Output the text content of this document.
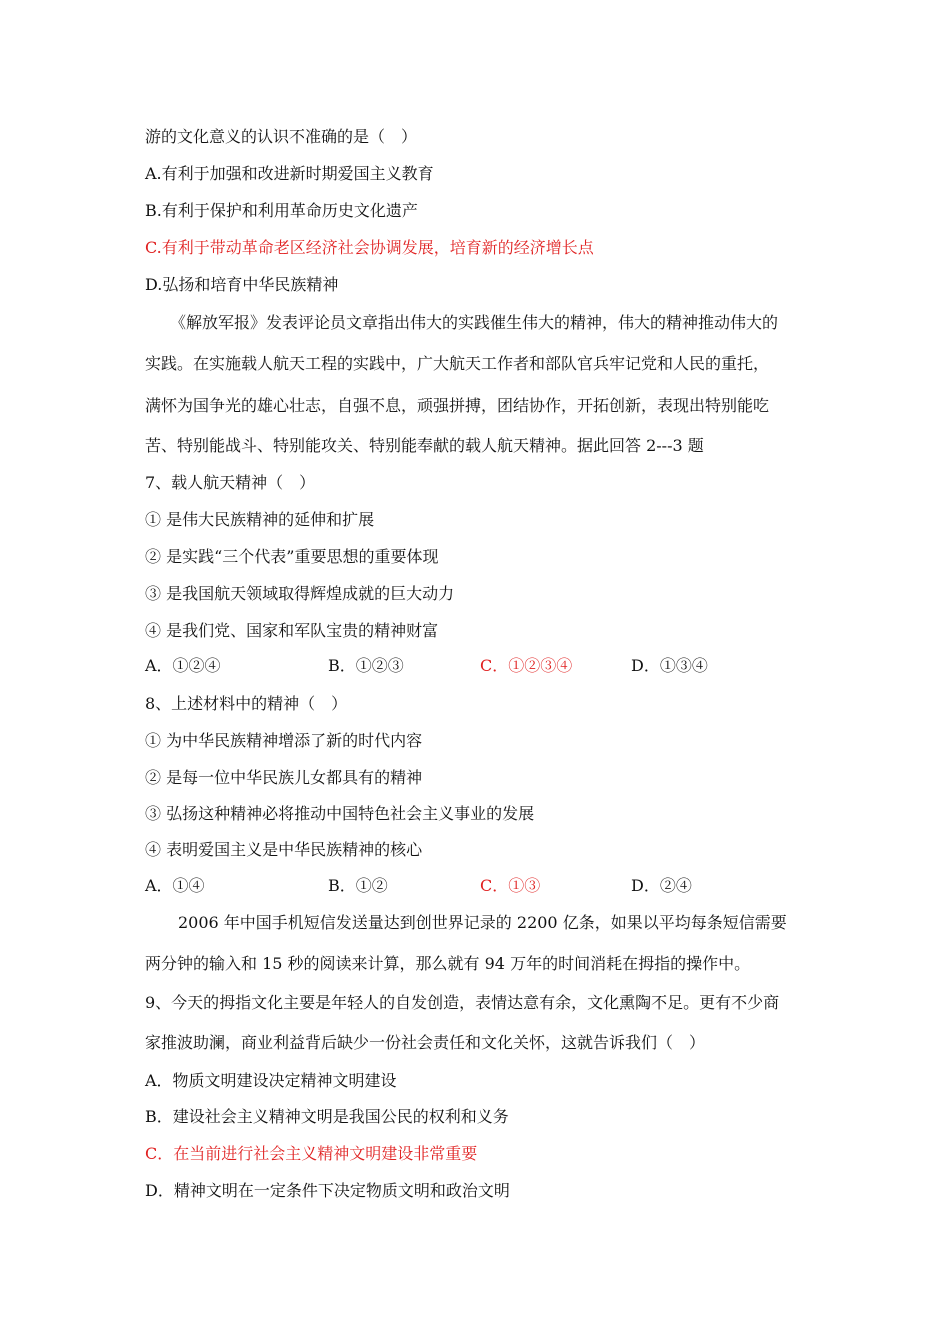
游的文化意义的认识不准确的是（　）
A.有利于加强和改进新时期爱国主义教育
B.有利于保护和利用革命历史文化遗产
C.有利于带动革命老区经济社会协调发展，培育新的经济增长点
D.弘扬和培育中华民族精神
《解放军报》发表评论员文章指出伟大的实践催生伟大的精神，伟大的精神推动伟大的
实践。在实施载人航天工程的实践中，广大航天工作者和部队官兵牢记党和人民的重托，
满怀为国争光的雄心壮志，自强不息，顽强拼搏，团结协作，开拓创新，表现出特别能吃
苦、特别能战斗、特别能攻关、特别能奉献的载人航天精神。据此回答 2---3 题
7、载人航天精神（　）
① 是伟大民族精神的延伸和扩展
② 是实践“三个代表”重要思想的重要体现
③ 是我国航天领域取得辉煌成就的巨大动力
④ 是我们党、国家和军队宝贵的精神财富
A．①②④	B．①②③	C．①②③④	D．①③④
8、上述材料中的精神（　）
① 为中华民族精神增添了新的时代内容
② 是每一位中华民族儿女都具有的精神
③ 弘扬这种精神必将推动中国特色社会主义事业的发展
④ 表明爱国主义是中华民族精神的核心
A．①④	B．①②	C．①③	D．②④
2006 年中国手机短信发送量达到创世界记录的 2200 亿条，如果以平均每条短信需要
两分钟的输入和 15 秒的阅读来计算，那么就有 94 万年的时间消耗在拇指的操作中。
9、今天的拇指文化主要是年轻人的自发创造，表情达意有余，文化熏陶不足。更有不少商
家推波助澜，商业利益背后缺少一份社会责任和文化关怀，这就告诉我们（　）
A．物质文明建设决定精神文明建设
B．建设社会主义精神文明是我国公民的权利和义务
C．在当前进行社会主义精神文明建设非常重要
D．精神文明在一定条件下决定物质文明和政治文明
